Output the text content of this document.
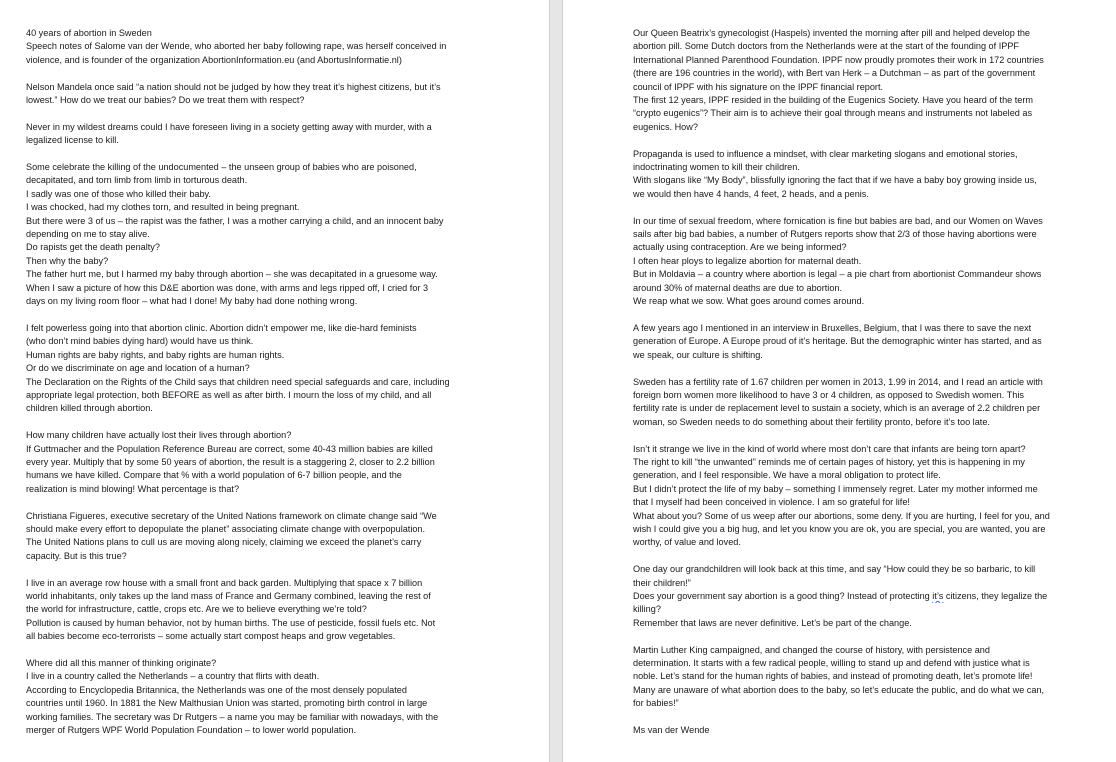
40 years of abortion in Sweden
Speech notes of Salome van der Wende, who aborted her baby following rape, was herself conceived in
violence, and is founder of the organization AbortionInformation.eu (and AbortusInformatie.nl)
Nelson Mandela once said “a nation should not be judged by how they treat it’s highest citizens, but it’s
lowest.” How do we treat our babies? Do we treat them with respect?
Never in my wildest dreams could I have foreseen living in a society getting away with murder, with a
legalized license to kill.
Some celebrate the killing of the undocumented – the unseen group of babies who are poisoned,
decapitated, and torn limb from limb in torturous death.
I sadly was one of those who killed their baby.
I was chocked, had my clothes torn, and resulted in being pregnant.
But there were 3 of us – the rapist was the father, I was a mother carrying a child, and an innocent baby
depending on me to stay alive.
Do rapists get the death penalty?
Then why the baby?
The father hurt me, but I harmed my baby through abortion – she was decapitated in a gruesome way.
When I saw a picture of how this D&E abortion was done, with arms and legs ripped off, I cried for 3
days on my living room floor – what had I done! My baby had done nothing wrong.
I felt powerless going into that abortion clinic. Abortion didn’t empower me, like die-hard feminists
(who don’t mind babies dying hard) would have us think.
Human rights are baby rights, and baby rights are human rights.
Or do we discriminate on age and location of a human?
The Declaration on the Rights of the Child says that children need special safeguards and care, including
appropriate legal protection, both BEFORE as well as after birth. I mourn the loss of my child, and all
children killed through abortion.
How many children have actually lost their lives through abortion?
If Guttmacher and the Population Reference Bureau are correct, some 40-43 million babies are killed
every year. Multiply that by some 50 years of abortion, the result is a staggering 2, closer to 2.2 billion
humans we have killed. Compare that % with a world population of 6-7 billion people, and the
realization is mind blowing! What percentage is that?
Christiana Figueres, executive secretary of the United Nations framework on climate change said “We
should make every effort to depopulate the planet” associating climate change with overpopulation.
The United Nations plans to cull us are moving along nicely, claiming we exceed the planet’s carry
capacity. But is this true?
I live in an average row house with a small front and back garden. Multiplying that space x 7 billion
world inhabitants, only takes up the land mass of France and Germany combined, leaving the rest of
the world for infrastructure, cattle, crops etc. Are we to believe everything we’re told?
Pollution is caused by human behavior, not by human births. The use of pesticide, fossil fuels etc. Not
all babies become eco-terrorists – some actually start compost heaps and grow vegetables.
Where did all this manner of thinking originate?
I live in a country called the Netherlands – a country that flirts with death.
According to Encyclopedia Britannica, the Netherlands was one of the most densely populated
countries until 1960. In 1881 the New Malthusian Union was started, promoting birth control in large
working families. The secretary was Dr Rutgers – a name you may be familiar with nowadays, with the
merger of Rutgers WPF World Population Foundation – to lower world population.
Our Queen Beatrix’s gynecologist (Haspels) invented the morning after pill and helped develop the
abortion pill. Some Dutch doctors from the Netherlands were at the start of the founding of IPPF
International Planned Parenthood Foundation. IPPF now proudly promotes their work in 172 countries
(there are 196 countries in the world), with Bert van Herk – a Dutchman – as part of the government
council of IPPF with his signature on the IPPF financial report.
The first 12 years, IPPF resided in the building of the Eugenics Society. Have you heard of the term
“crypto eugenics”? Their aim is to achieve their goal through means and instruments not labeled as
eugenics. How?
Propaganda is used to influence a mindset, with clear marketing slogans and emotional stories,
indoctrinating women to kill their children.
With slogans like “My Body”, blissfully ignoring the fact that if we have a baby boy growing inside us,
we would then have 4 hands, 4 feet, 2 heads, and a penis.
In our time of sexual freedom, where fornication is fine but babies are bad, and our Women on Waves
sails after big bad babies, a number of Rutgers reports show that 2/3 of those having abortions were
actually using contraception. Are we being informed?
I often hear ploys to legalize abortion for maternal death.
But in Moldavia – a country where abortion is legal – a pie chart from abortionist Commandeur shows
around 30% of maternal deaths are due to abortion.
We reap what we sow. What goes around comes around.
A few years ago I mentioned in an interview in Bruxelles, Belgium, that I was there to save the next
generation of Europe. A Europe proud of it’s heritage. But the demographic winter has started, and as
we speak, our culture is shifting.
Sweden has a fertility rate of 1.67 children per women in 2013, 1.99 in 2014, and I read an article with
foreign born women more likelihood to have 3 or 4 children, as opposed to Swedish women. This
fertility rate is under de replacement level to sustain a society, which is an average of 2.2 children per
woman, so Sweden needs to do something about their fertility pronto, before it’s too late.
Isn’t it strange we live in the kind of world where most don’t care that infants are being torn apart?
The right to kill “the unwanted” reminds me of certain pages of history, yet this is happening in my
generation, and I feel responsible. We have a moral obligation to protect life.
But I didn’t protect the life of my baby – something I immensely regret. Later my mother informed me
that I myself had been conceived in violence. I am so grateful for life!
What about you? Some of us weep after our abortions, some deny. If you are hurting, I feel for you, and
wish I could give you a big hug, and let you know you are ok, you are special, you are wanted, you are
worthy, of value and loved.
One day our grandchildren will look back at this time, and say “How could they be so barbaric, to kill
their children!”
Does your government say abortion is a good thing? Instead of protecting it’s citizens, they legalize the
killing?
Remember that laws are never definitive. Let’s be part of the change.
Martin Luther King campaigned, and changed the course of history, with persistence and
determination. It starts with a few radical people, willing to stand up and defend with justice what is
noble. Let’s stand for the human rights of babies, and instead of promoting death, let’s promote life!
Many are unaware of what abortion does to the baby, so let’s educate the public, and do what we can,
for babies!”
Ms van der Wende
